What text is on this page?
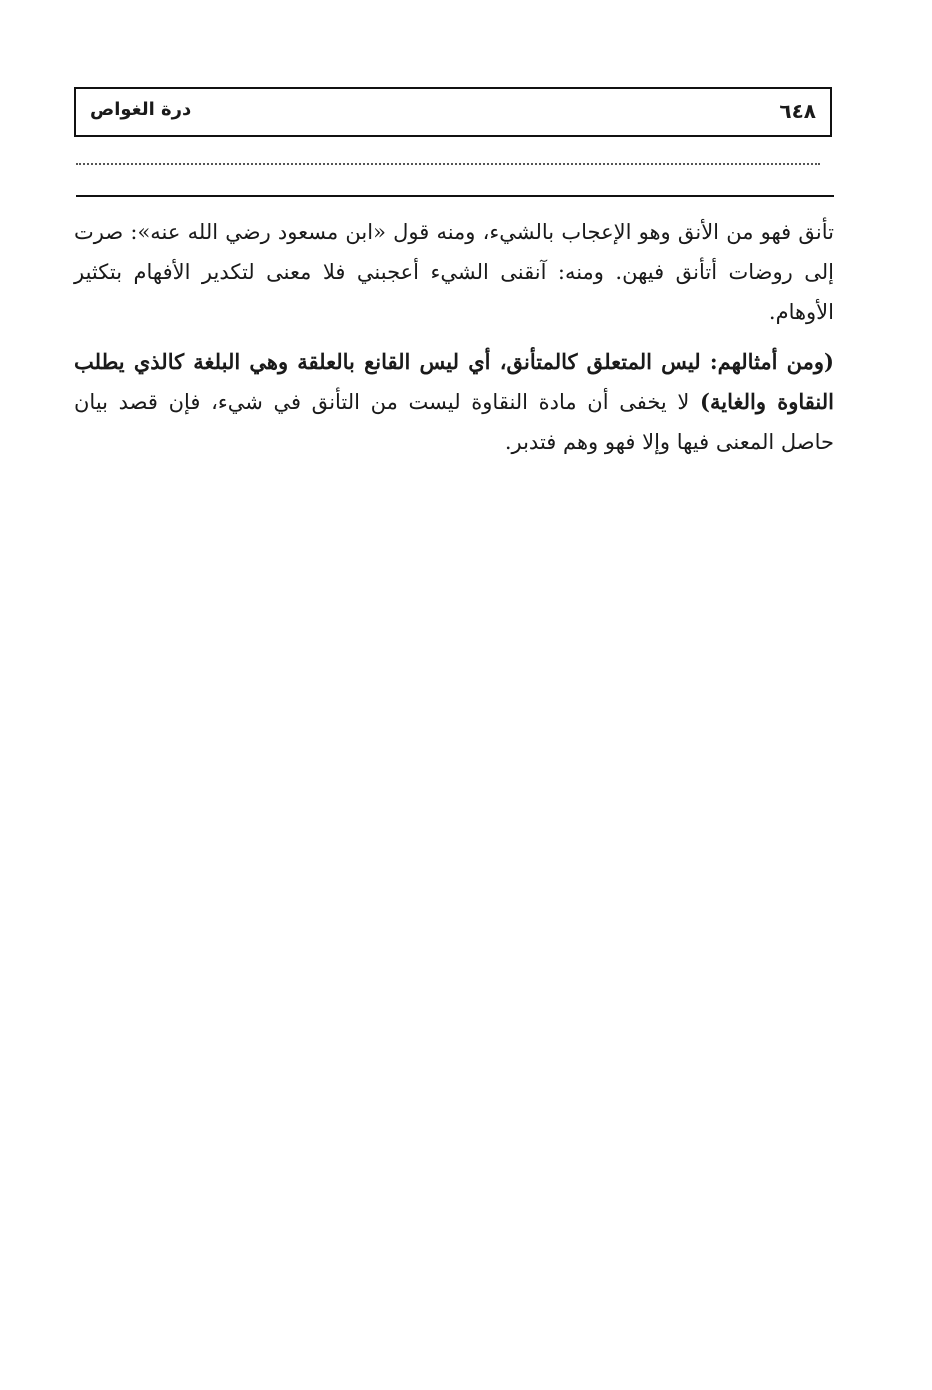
٦٤٨
درة الغواص

تأنق فهو من الأنق وهو الإعجاب بالشيء، ومنه قول «ابن مسعود رضي الله عنه»: صرت إلى روضات أتأنق فيهن. ومنه: آنقنى الشيء أعجبني فلا معنى لتكدير الأفهام بتكثير الأوهام.

(ومن أمثالهم: ليس المتعلق كالمتأنق، أي ليس القانع بالعلقة وهي البلغة كالذي يطلب النقاوة والغاية) لا يخفى أن مادة النقاوة ليست من التأنق في شيء، فإن قصد بيان حاصل المعنى فيها وإلا فهو وهم فتدبر.
